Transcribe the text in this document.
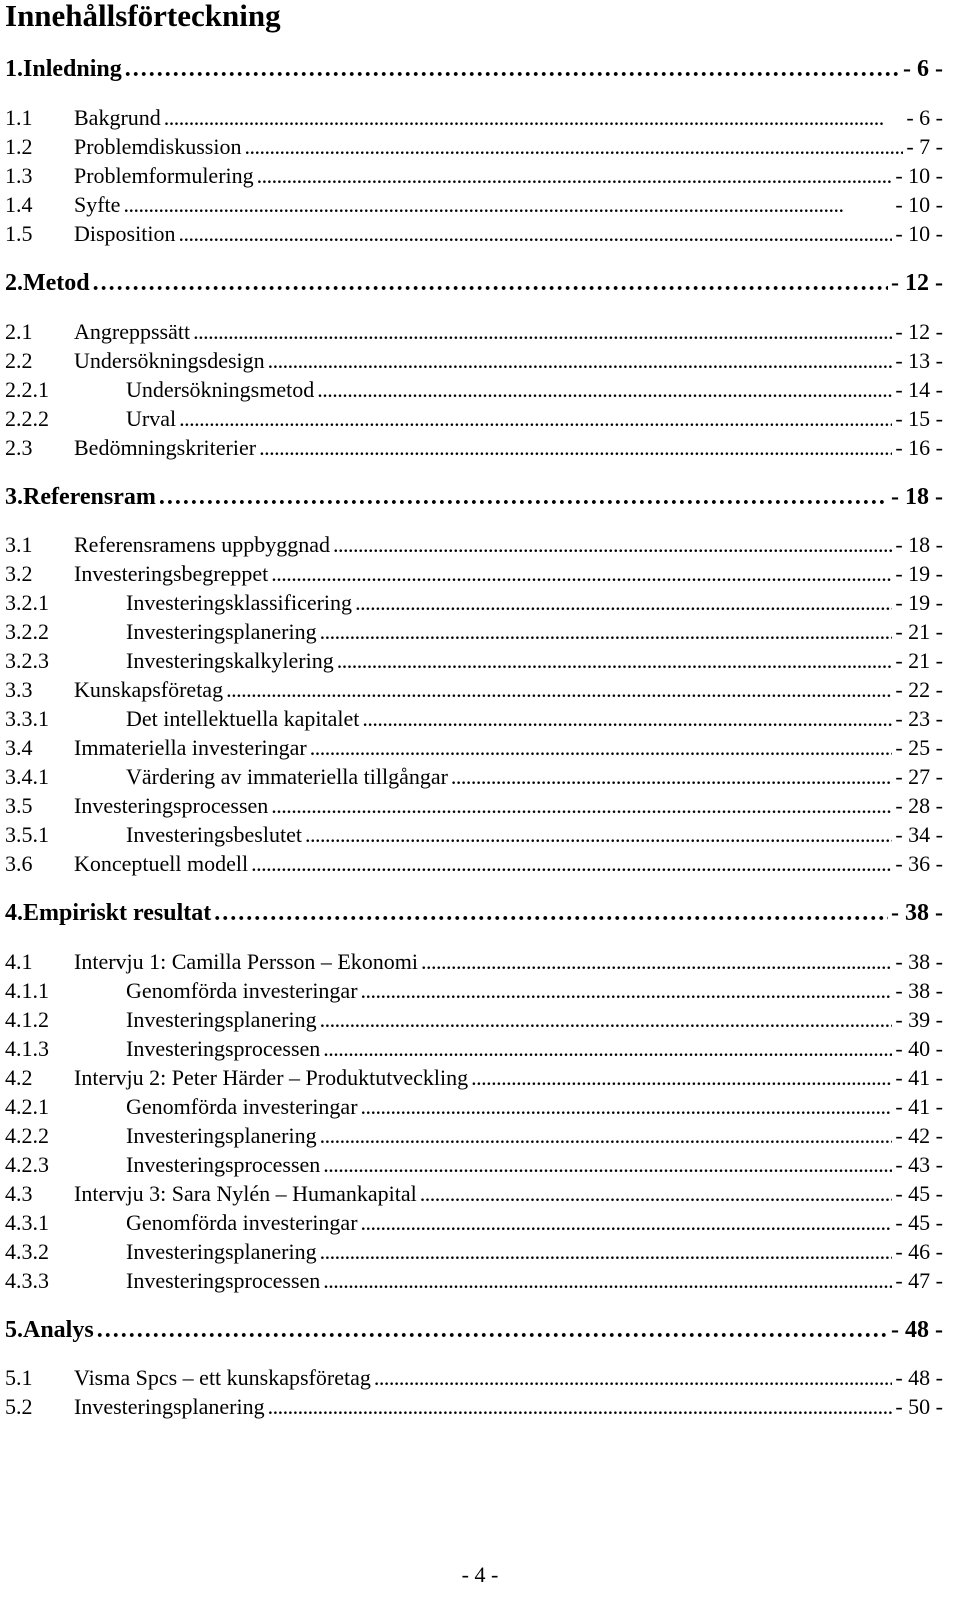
Innehållsförteckning
1. Inledning . . .	- 6 -
1.1	Bakgrund . . .	- 6 -
1.2	Problemdiskussion . . .	- 7 -
1.3	Problemformulering . . .	- 10 -
1.4	Syfte . . .	- 10 -
1.5	Disposition . . .	- 10 -
2. Metod . . .	- 12 -
2.1	Angreppssätt . . .	- 12 -
2.2	Undersökningsdesign . . .	- 13 -
2.2.1	Undersökningsmetod . . .	- 14 -
2.2.2	Urval . . .	- 15 -
2.3	Bedömningskriterier . . .	- 16 -
3. Referensram . . .	- 18 -
3.1	Referensramens uppbyggnad . . .	- 18 -
3.2	Investeringsbegreppet . . .	- 19 -
3.2.1	Investeringsklassificering . . .	- 19 -
3.2.2	Investeringsplanering . . .	- 21 -
3.2.3	Investeringskalkylering . . .	- 21 -
3.3	Kunskapsföretag . . .	- 22 -
3.3.1	Det intellektuella kapitalet . . .	- 23 -
3.4	Immateriella investeringar . . .	- 25 -
3.4.1	Värdering av immateriella tillgångar . . .	- 27 -
3.5	Investeringsprocessen . . .	- 28 -
3.5.1	Investeringsbeslutet . . .	- 34 -
3.6	Konceptuell modell . . .	- 36 -
4. Empiriskt resultat . . .	- 38 -
4.1	Intervju 1: Camilla Persson – Ekonomi . . .	- 38 -
4.1.1	Genomförda investeringar . . .	- 38 -
4.1.2	Investeringsplanering . . .	- 39 -
4.1.3	Investeringsprocessen . . .	- 40 -
4.2	Intervju 2: Peter Härder – Produktutveckling . . .	- 41 -
4.2.1	Genomförda investeringar . . .	- 41 -
4.2.2	Investeringsplanering . . .	- 42 -
4.2.3	Investeringsprocessen . . .	- 43 -
4.3	Intervju 3: Sara Nylén – Humankapital . . .	- 45 -
4.3.1	Genomförda investeringar . . .	- 45 -
4.3.2	Investeringsplanering . . .	- 46 -
4.3.3	Investeringsprocessen . . .	- 47 -
5. Analys . . .	- 48 -
5.1	Visma Spcs – ett kunskapsföretag . . .	- 48 -
5.2	Investeringsplanering . . .	- 50 -
- 4 -
